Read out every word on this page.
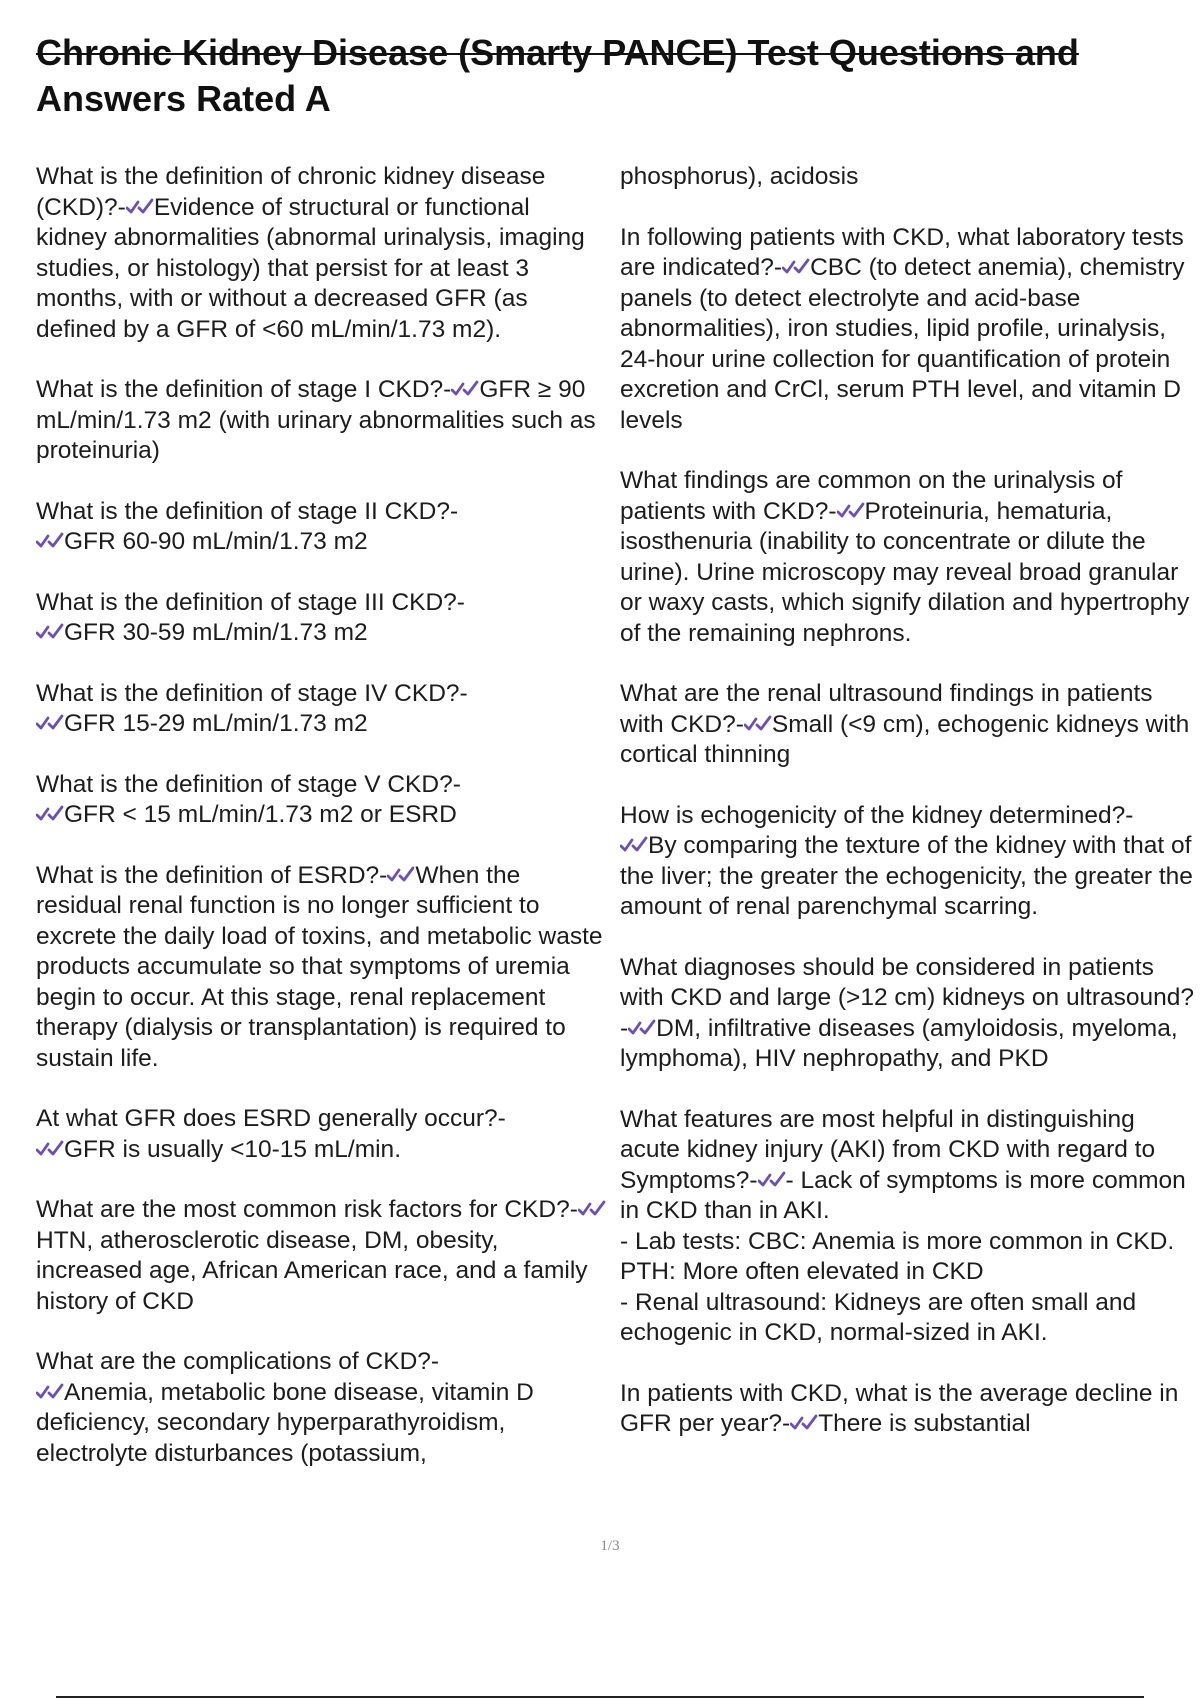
Chronic Kidney Disease (Smarty PANCE) Test Questions and
Answers Rated A

What is the definition of chronic kidney disease (CKD)?- Evidence of structural or functional kidney abnormalities (abnormal urinalysis, imaging studies, or histology) that persist for at least 3 months, with or without a decreased GFR (as defined by a GFR of <60 mL/min/1.73 m2).

What is the definition of stage I CKD?- GFR ≥ 90 mL/min/1.73 m2 (with urinary abnormalities such as proteinuria)

What is the definition of stage II CKD?-

GFR 60-90 mL/min/1.73 m2

What is the definition of stage III CKD?-

GFR 30-59 mL/min/1.73 m2

What is the definition of stage IV CKD?-

GFR 15-29 mL/min/1.73 m2

What is the definition of stage V CKD?-

GFR < 15 mL/min/1.73 m2 or ESRD

What is the definition of ESRD?- When the residual renal function is no longer sufficient to excrete the daily load of toxins, and metabolic waste products accumulate so that symptoms of uremia begin to occur. At this stage, renal replacement therapy (dialysis or transplantation) is required to sustain life.

At what GFR does ESRD generally occur?-

GFR is usually <10-15 mL/min.

What are the most common risk factors for CKD?-
HTN, atherosclerotic disease, DM, obesity, increased age, African American race, and a family history of CKD

What are the complications of CKD?-

Anemia, metabolic bone disease, vitamin D deficiency, secondary hyperparathyroidism, electrolyte disturbances (potassium,

phosphorus), acidosis

In following patients with CKD, what laboratory tests are indicated?- CBC (to detect anemia), chemistry panels (to detect electrolyte and acid-base abnormalities), iron studies, lipid profile, urinalysis, 24-hour urine collection for quantification of protein excretion and CrCl, serum PTH level, and vitamin D levels

What findings are common on the urinalysis of patients with CKD?- Proteinuria, hematuria, isosthenuria (inability to concentrate or dilute the urine). Urine microscopy may reveal broad granular or waxy casts, which signify dilation and hypertrophy of the remaining nephrons.

What are the renal ultrasound findings in patients with CKD?- Small (<9 cm), echogenic kidneys with cortical thinning

How is echogenicity of the kidney determined?-

By comparing the texture of the kidney with that of the liver; the greater the echogenicity, the greater the amount of renal parenchymal scarring.

What diagnoses should be considered in patients with CKD and large (>12 cm) kidneys on ultrasound?- DM, infiltrative diseases (amyloidosis, myeloma, lymphoma), HIV nephropathy, and PKD

What features are most helpful in distinguishing acute kidney injury (AKI) from CKD with regard to Symptoms?- - Lack of symptoms is more common in CKD than in AKI.
- Lab tests: CBC: Anemia is more common in CKD. PTH: More often elevated in CKD
- Renal ultrasound: Kidneys are often small and echogenic in CKD, normal-sized in AKI.

In patients with CKD, what is the average decline in GFR per year?- There is substantial

1/3
